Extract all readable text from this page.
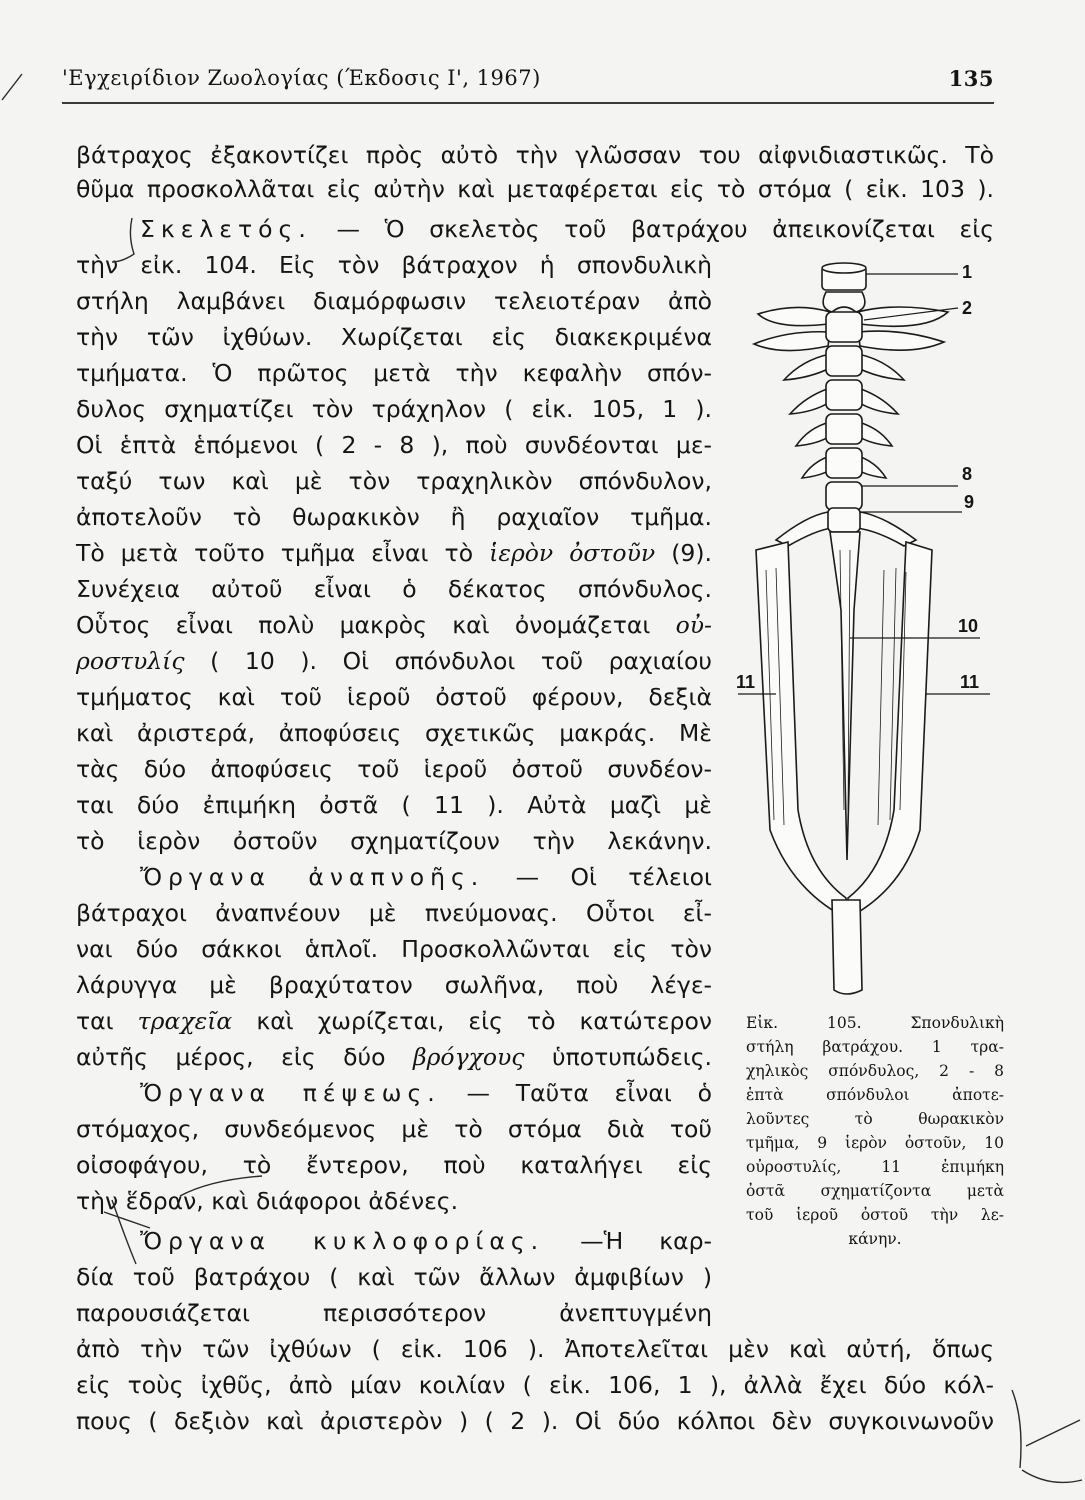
'Εγχειρίδιον Ζωολογίας (Έκδοσις Ι', 1967)	135
βάτραχος ἐξακοντίζει πρὸς αὐτὸ τὴν γλῶσσαν του αἰφνιδιαστικῶς. Τὸ
θῦμα προσκολλᾶται εἰς αὐτὴν καὶ μεταφέρεται εἰς τὸ στόμα ( εἰκ. 103 ).
Σκελετός. — Ὁ σκελετὸς τοῦ βατράχου ἀπεικονίζεται εἰς
τὴν εἰκ. 104. Εἰς τὸν βάτραχον ἡ σπονδυλικὴ
στήλη λαμβάνει διαμόρφωσιν τελειοτέραν ἀπὸ
τὴν τῶν ἰχθύων. Χωρίζεται εἰς διακεκριμένα
τμήματα. Ὁ πρῶτος μετὰ τὴν κεφαλὴν σπόν-
δυλος σχηματίζει τὸν τράχηλον ( εἰκ. 105, 1 ).
Οἱ ἑπτὰ ἑπόμενοι ( 2 - 8 ), ποὺ συνδέονται με-
ταξύ των καὶ μὲ τὸν τραχηλικὸν σπόνδυλον,
ἀποτελοῦν τὸ θωρακικὸν ἢ ραχιαῖον τμῆμα.
Τὸ μετὰ τοῦτο τμῆμα εἶναι τὸ ἱερὸν ὀστοῦν (9).
Συνέχεια αὐτοῦ εἶναι ὁ δέκατος σπόνδυλος.
Οὗτος εἶναι πολὺ μακρὸς καὶ ὀνομάζεται οὐ-
ροστυλίς ( 10 ). Οἱ σπόνδυλοι τοῦ ραχιαίου
τμήματος καὶ τοῦ ἱεροῦ ὀστοῦ φέρουν, δεξιὰ
καὶ ἀριστερά, ἀποφύσεις σχετικῶς μακράς. Μὲ
τὰς δύο ἀποφύσεις τοῦ ἱεροῦ ὀστοῦ συνδέον-
ται δύο ἐπιμήκη ὀστᾶ ( 11 ). Αὐτὰ μαζὶ μὲ
τὸ ἱερὸν ὀστοῦν σχηματίζουν τὴν λεκάνην.
Ὄργανα ἀναπνοῆς. — Οἱ τέλειοι
βάτραχοι ἀναπνέουν μὲ πνεύμονας. Οὗτοι εἶ-
ναι δύο σάκκοι ἁπλοῖ. Προσκολλῶνται εἰς τὸν
λάρυγγα μὲ βραχύτατον σωλῆνα, ποὺ λέγε-
ται τραχεῖα καὶ χωρίζεται, εἰς τὸ κατώτερον
αὐτῆς μέρος, εἰς δύο βρόγχους ὑποτυπώδεις.
Ὄργανα πέψεως. — Ταῦτα εἶναι ὁ
στόμαχος, συνδεόμενος μὲ τὸ στόμα διὰ τοῦ
οἰσοφάγου, τὸ ἔντερον, ποὺ καταλήγει εἰς
τὴν ἕδραν, καὶ διάφοροι ἀδένες.
Ὄργανα κυκλοφορίας. —Ἡ καρ-
δία τοῦ βατράχου ( καὶ τῶν ἄλλων ἀμφιβίων )
παρουσιάζεται περισσότερον ἀνεπτυγμένη
ἀπὸ τὴν τῶν ἰχθύων ( εἰκ. 106 ). Ἀποτελεῖται μὲν καὶ αὐτή, ὅπως
εἰς τοὺς ἰχθῦς, ἀπὸ μίαν κοιλίαν ( εἰκ. 106, 1 ), ἀλλὰ ἔχει δύο κόλ-
πους ( δεξιὸν καὶ ἀριστερὸν ) ( 2 ). Οἱ δύο κόλποι δὲν συγκοινωνοῦν
1
2
8
9
10
11	11
Εἰκ. 105. Σπονδυλικὴ
στήλη βατράχου. 1 τρα-
χηλικὸς σπόνδυλος, 2 - 8
ἑπτὰ σπόνδυλοι ἀποτε-
λοῦντες τὸ θωρακικὸν
τμῆμα, 9 ἱερὸν ὀστοῦν, 10
οὐροστυλίς, 11 ἐπιμήκη
ὀστᾶ σχηματίζοντα μετὰ
τοῦ ἱεροῦ ὀστοῦ τὴν λε-
κάνην.
